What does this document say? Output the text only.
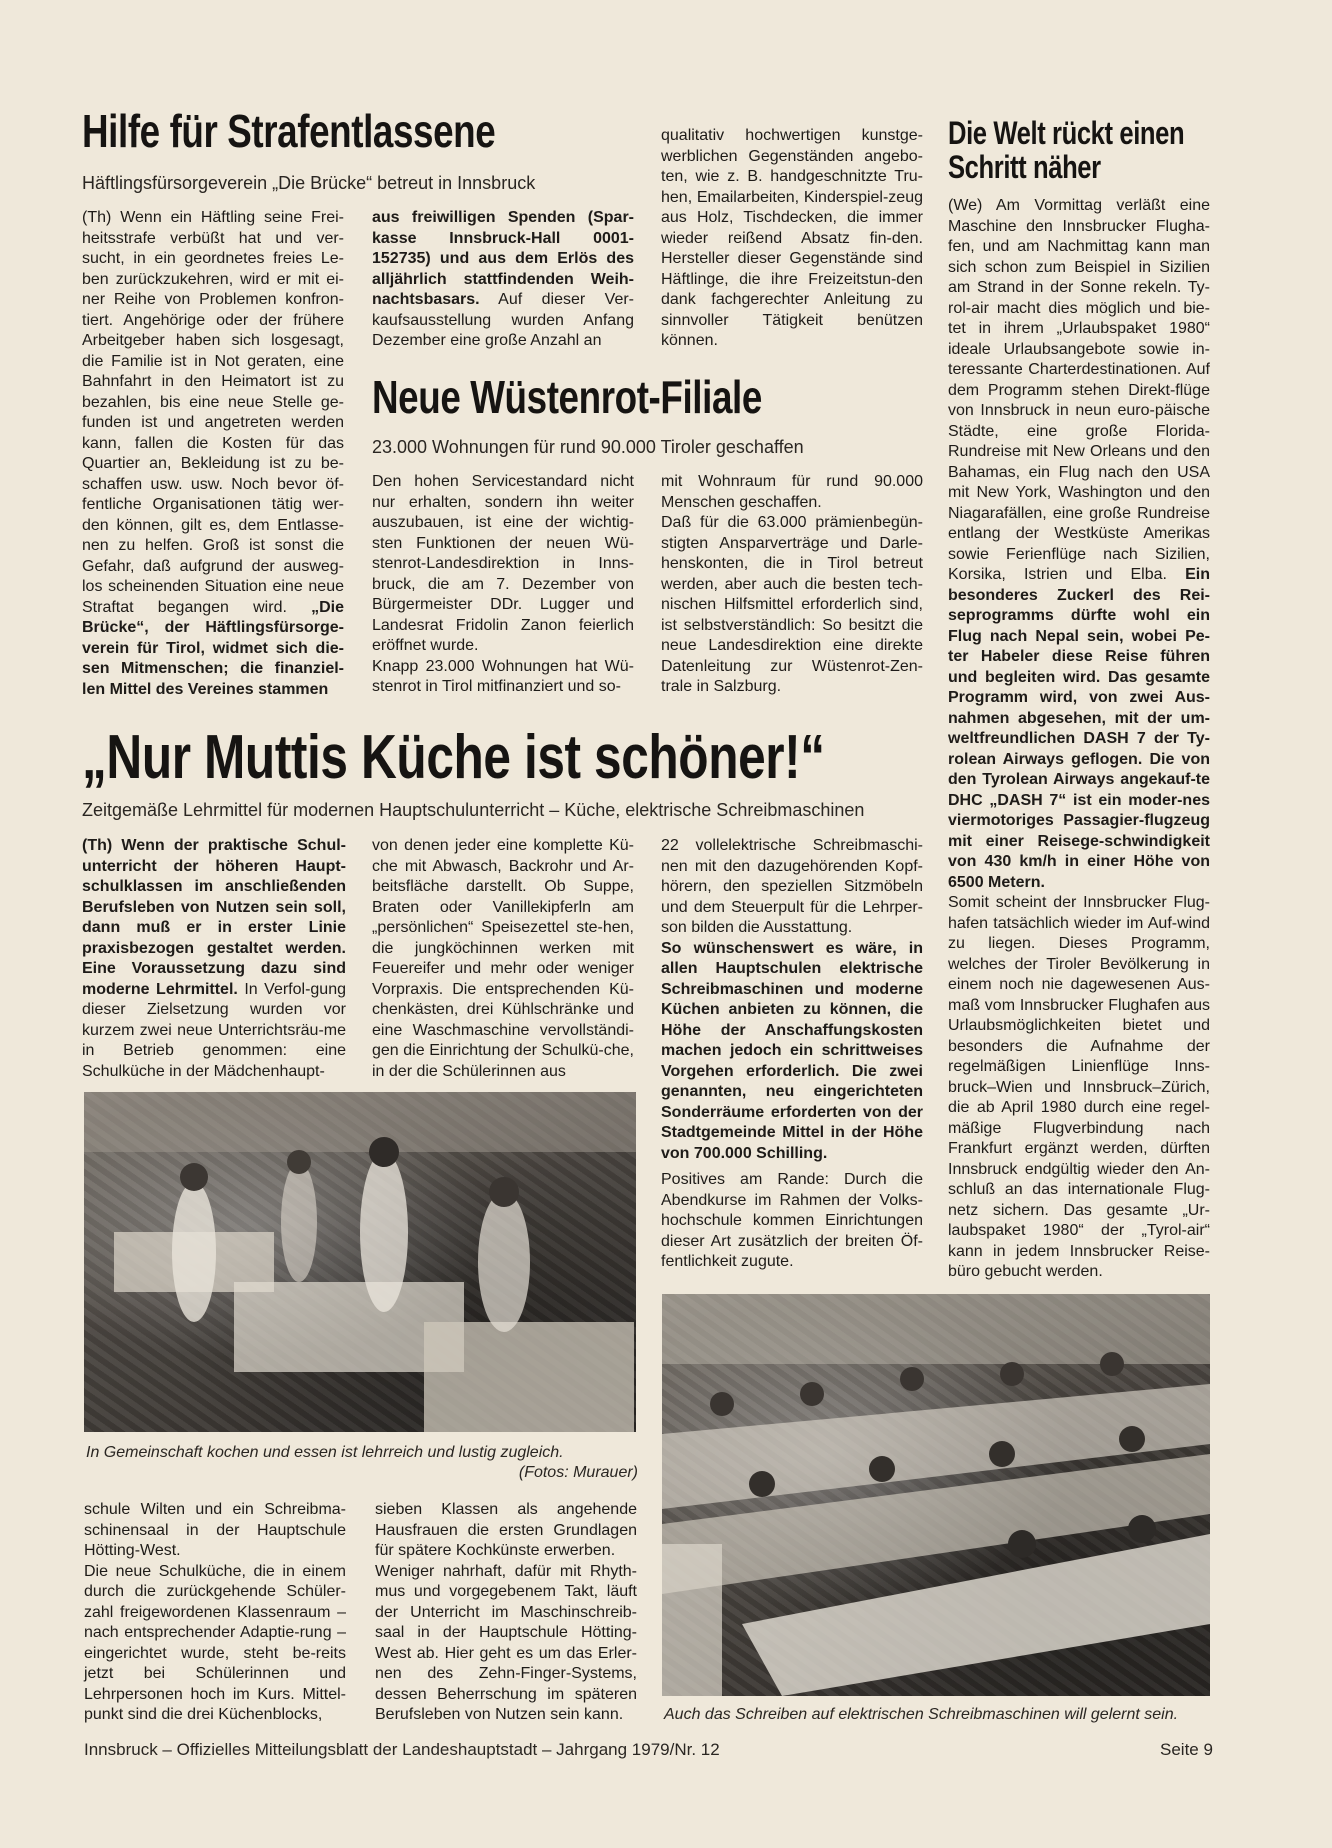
Hilfe für Strafentlassene
Häftlingsfürsorgeverein „Die Brücke“ betreut in Innsbruck

(Th) Wenn ein Häftling seine Frei-heitsstrafe verbüßt hat und ver-sucht, in ein geordnetes freies Le-ben zurückzukehren, wird er mit ei-ner Reihe von Problemen konfron-tiert. Angehörige oder der frühere Arbeitgeber haben sich losgesagt, die Familie ist in Not geraten, eine Bahnfahrt in den Heimatort ist zu bezahlen, bis eine neue Stelle ge-funden ist und angetreten werden kann, fallen die Kosten für das Quartier an, Bekleidung ist zu be-schaffen usw. usw. Noch bevor öf-fentliche Organisationen tätig wer-den können, gilt es, dem Entlasse-nen zu helfen. Groß ist sonst die Gefahr, daß aufgrund der ausweg-los scheinenden Situation eine neue Straftat begangen wird. „Die Brücke“, der Häftlingsfürsorge-verein für Tirol, widmet sich die-sen Mitmenschen; die finanziel-len Mittel des Vereines stammen

aus freiwilligen Spenden (Spar-kasse Innsbruck-Hall 0001-152735) und aus dem Erlös des alljährlich stattfindenden Weih-nachtsbasars. Auf dieser Ver-kaufsausstellung wurden Anfang Dezember eine große Anzahl an

qualitativ hochwertigen kunstge-werblichen Gegenständen angebo-ten, wie z. B. handgeschnitzte Tru-hen, Emailarbeiten, Kinderspiel-zeug aus Holz, Tischdecken, die immer wieder reißend Absatz fin-den. Hersteller dieser Gegenstände sind Häftlinge, die ihre Freizeitstun-den dank fachgerechter Anleitung zu sinnvoller Tätigkeit benützen können.

Neue Wüstenrot-Filiale
23.000 Wohnungen für rund 90.000 Tiroler geschaffen

Den hohen Servicestandard nicht nur erhalten, sondern ihn weiter auszubauen, ist eine der wichtig-sten Funktionen der neuen Wü-stenrot-Landesdirektion in Inns-bruck, die am 7. Dezember von Bürgermeister DDr. Lugger und Landesrat Fridolin Zanon feierlich eröffnet wurde.

Knapp 23.000 Wohnungen hat Wü-stenrot in Tirol mitfinanziert und so-

mit Wohnraum für rund 90.000 Menschen geschaffen.

Daß für die 63.000 prämienbegün-stigten Ansparverträge und Darle-henskonten, die in Tirol betreut werden, aber auch die besten tech-nischen Hilfsmittel erforderlich sind, ist selbstverständlich: So besitzt die neue Landesdirektion eine direkte Datenleitung zur Wüstenrot-Zen-trale in Salzburg.

„Nur Muttis Küche ist schöner!“
Zeitgemäße Lehrmittel für modernen Hauptschulunterricht – Küche, elektrische Schreibmaschinen

(Th) Wenn der praktische Schul-unterricht der höheren Haupt-schulklassen im anschließenden Berufsleben von Nutzen sein soll, dann muß er in erster Linie praxisbezogen gestaltet werden. Eine Voraussetzung dazu sind moderne Lehrmittel. In Verfol-gung dieser Zielsetzung wurden vor kurzem zwei neue Unterrichtsräu-me in Betrieb genommen: eine Schulküche in der Mädchenhaupt-

von denen jeder eine komplette Kü-che mit Abwasch, Backrohr und Ar-beitsfläche darstellt. Ob Suppe, Braten oder Vanillekipferln am „persönlichen“ Speisezettel ste-hen, die jungköchinnen werken mit Feuereifer und mehr oder weniger Vorpraxis. Die entsprechenden Kü-chenkästen, drei Kühlschränke und eine Waschmaschine vervollständi-gen die Einrichtung der Schulkü-che, in der die Schülerinnen aus

22 vollelektrische Schreibmaschi-nen mit den dazugehörenden Kopf-hörern, den speziellen Sitzmöbeln und dem Steuerpult für die Lehrper-son bilden die Ausstattung.

So wünschenswert es wäre, in allen Hauptschulen elektrische Schreibmaschinen und moderne Küchen anbieten zu können, die Höhe der Anschaffungskosten machen jedoch ein schrittweises Vorgehen erforderlich. Die zwei genannten, neu eingerichteten Sonderräume erforderten von der Stadtgemeinde Mittel in der Höhe von 700.000 Schilling.

Positives am Rande: Durch die Abendkurse im Rahmen der Volks-hochschule kommen Einrichtungen dieser Art zusätzlich der breiten Öf-fentlichkeit zugute.

In Gemeinschaft kochen und essen ist lehrreich und lustig zugleich.
(Fotos: Murauer)

schule Wilten und ein Schreibma-schinensaal in der Hauptschule Hötting-West.

Die neue Schulküche, die in einem durch die zurückgehende Schüler-zahl freigewordenen Klassenraum – nach entsprechender Adaptie-rung – eingerichtet wurde, steht be-reits jetzt bei Schülerinnen und Lehrpersonen hoch im Kurs. Mittel-punkt sind die drei Küchenblocks,

sieben Klassen als angehende Hausfrauen die ersten Grundlagen für spätere Kochkünste erwerben.

Weniger nahrhaft, dafür mit Rhyth-mus und vorgegebenem Takt, läuft der Unterricht im Maschinschreib-saal in der Hauptschule Hötting-West ab. Hier geht es um das Erler-nen des Zehn-Finger-Systems, dessen Beherrschung im späteren Berufsleben von Nutzen sein kann.	Auch das Schreiben auf elektrischen Schreibmaschinen will gelernt sein.
Die Welt rückt einen
Schritt näher

(We) Am Vormittag verläßt eine Maschine den Innsbrucker Flugha-fen, und am Nachmittag kann man sich schon zum Beispiel in Sizilien am Strand in der Sonne rekeln. Ty-rol-air macht dies möglich und bie-tet in ihrem „Urlaubspaket 1980“ ideale Urlaubsangebote sowie in-teressante Charterdestinationen. Auf dem Programm stehen Direkt-flüge von Innsbruck in neun euro-päische Städte, eine große Florida-Rundreise mit New Orleans und den Bahamas, ein Flug nach den USA mit New York, Washington und den Niagarafällen, eine große Rundreise entlang der Westküste Amerikas sowie Ferienflüge nach Sizilien, Korsika, Istrien und Elba. Ein besonderes Zuckerl des Rei-seprogramms dürfte wohl ein Flug nach Nepal sein, wobei Pe-ter Habeler diese Reise führen und begleiten wird. Das gesamte Programm wird, von zwei Aus-nahmen abgesehen, mit der um-weltfreundlichen DASH 7 der Ty-rolean Airways geflogen. Die von den Tyrolean Airways angekauf-te DHC „DASH 7“ ist ein moder-nes viermotoriges Passagier-flugzeug mit einer Reisege-schwindigkeit von 430 km/h in einer Höhe von 6500 Metern.

Somit scheint der Innsbrucker Flug-hafen tatsächlich wieder im Auf-wind zu liegen. Dieses Programm, welches der Tiroler Bevölkerung in einem noch nie dagewesenen Aus-maß vom Innsbrucker Flughafen aus Urlaubsmöglichkeiten bietet und besonders die Aufnahme der regelmäßigen Linienflüge Inns-bruck–Wien und Innsbruck–Zürich, die ab April 1980 durch eine regel-mäßige Flugverbindung nach Frankfurt ergänzt werden, dürften Innsbruck endgültig wieder den An-schluß an das internationale Flug-netz sichern. Das gesamte „Ur-laubspaket 1980“ der „Tyrol-air“ kann in jedem Innsbrucker Reise-büro gebucht werden.

Innsbruck – Offizielles Mitteilungsblatt der Landeshauptstadt – Jahrgang 1979/Nr. 12	Seite 9
